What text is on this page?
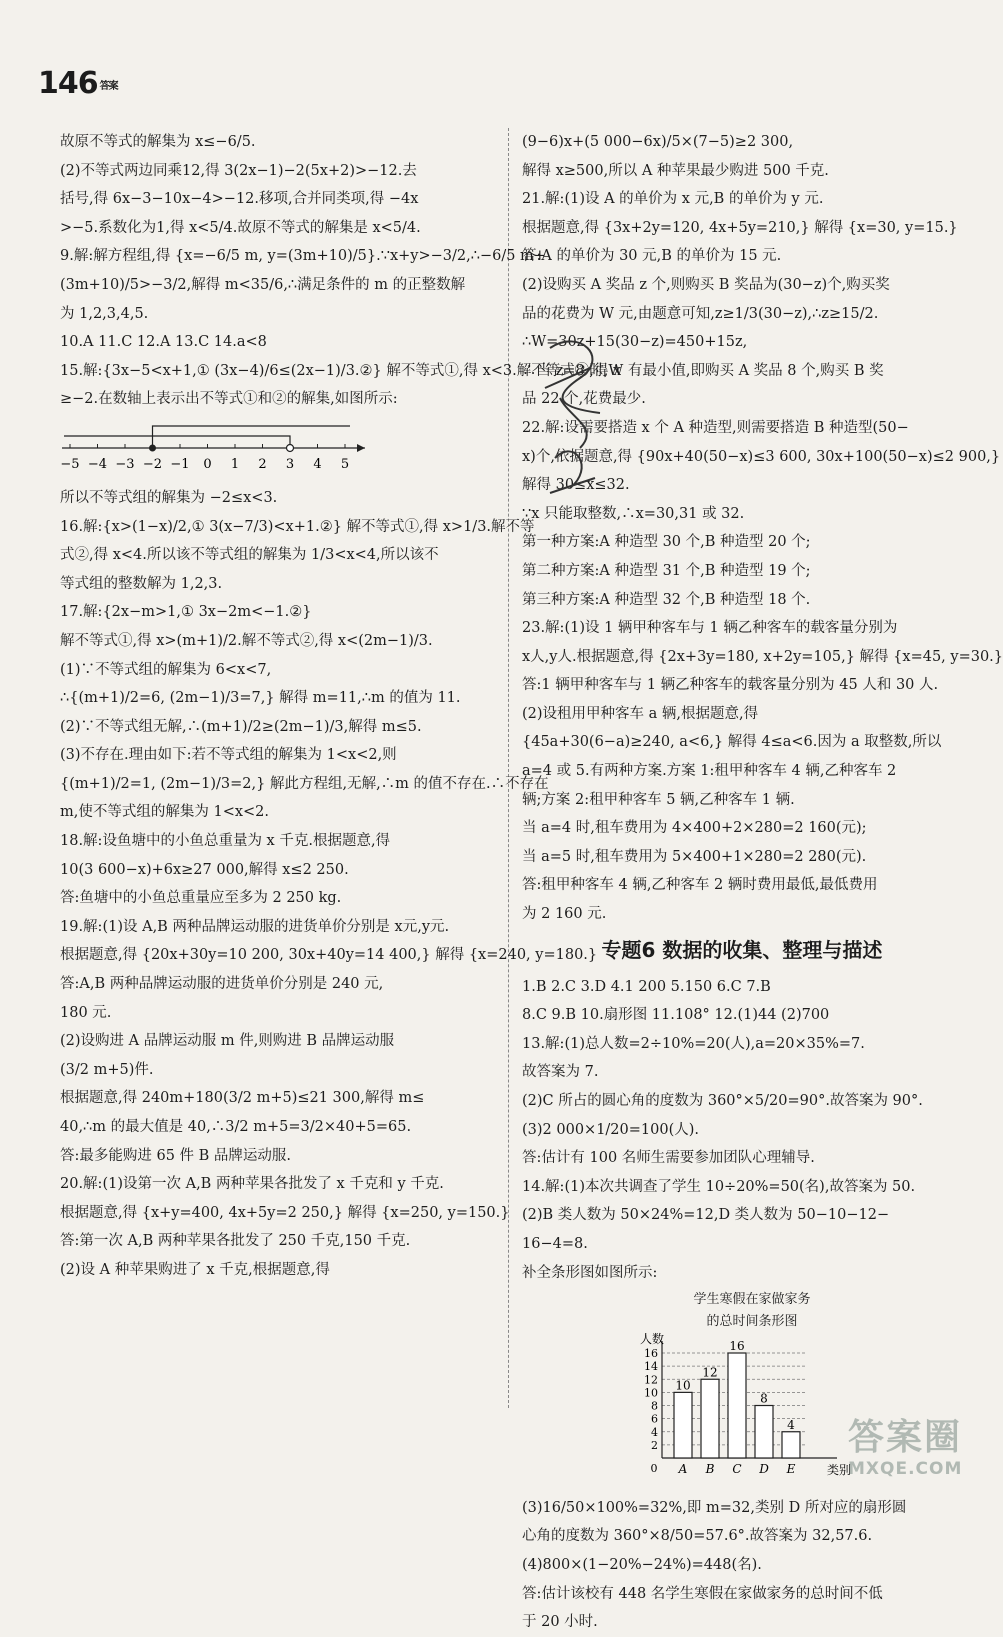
146 答案
故原不等式的解集为 x≤−6/5.
(2)不等式两边同乘12,得 3(2x−1)−2(5x+2)>−12.去
括号,得 6x−3−10x−4>−12.移项,合并同类项,得 −4x
>−5.系数化为1,得 x<5/4.故原不等式的解集是 x<5/4.
9.解:解方程组,得 {x=−6/5 m, y=(3m+10)/5}.∵x+y>−3/2,∴−6/5 m+
(3m+10)/5>−3/2,解得 m<35/6,∴满足条件的 m 的正整数解
为 1,2,3,4,5.
10.A 11.C 12.A 13.C 14.a<8
15.解:{3x−5<x+1,① (3x−4)/6≤(2x−1)/3.②} 解不等式①,得 x<3.解不等式②,得 x
≥−2.在数轴上表示出不等式①和②的解集,如图所示:
−5 −4 −3 −2 −1 0 1 2 3 4 5
所以不等式组的解集为 −2≤x<3.
16.解:{x>(1−x)/2,① 3(x−7/3)<x+1.②} 解不等式①,得 x>1/3.解不等
式②,得 x<4.所以该不等式组的解集为 1/3<x<4,所以该不
等式组的整数解为 1,2,3.
17.解:{2x−m>1,① 3x−2m<−1.②}
解不等式①,得 x>(m+1)/2.解不等式②,得 x<(2m−1)/3.
(1)∵不等式组的解集为 6<x<7,
∴{(m+1)/2=6, (2m−1)/3=7,} 解得 m=11,∴m 的值为 11.
(2)∵不等式组无解,∴(m+1)/2≥(2m−1)/3,解得 m≤5.
(3)不存在.理由如下:若不等式组的解集为 1<x<2,则
{(m+1)/2=1, (2m−1)/3=2,} 解此方程组,无解,∴m 的值不存在.∴不存在
m,使不等式组的解集为 1<x<2.
18.解:设鱼塘中的小鱼总重量为 x 千克.根据题意,得
10(3 600−x)+6x≥27 000,解得 x≤2 250.
答:鱼塘中的小鱼总重量应至多为 2 250 kg.
19.解:(1)设 A,B 两种品牌运动服的进货单价分别是 x元,y元.
根据题意,得 {20x+30y=10 200, 30x+40y=14 400,} 解得 {x=240, y=180.}
答:A,B 两种品牌运动服的进货单价分别是 240 元,
180 元.
(2)设购进 A 品牌运动服 m 件,则购进 B 品牌运动服
(3/2 m+5)件.
根据题意,得 240m+180(3/2 m+5)≤21 300,解得 m≤
40,∴m 的最大值是 40,∴3/2 m+5=3/2×40+5=65.
答:最多能购进 65 件 B 品牌运动服.
20.解:(1)设第一次 A,B 两种苹果各批发了 x 千克和 y 千克.
根据题意,得 {x+y=400, 4x+5y=2 250,} 解得 {x=250, y=150.}
答:第一次 A,B 两种苹果各批发了 250 千克,150 千克.
(2)设 A 种苹果购进了 x 千克,根据题意,得
(9−6)x+(5 000−6x)/5×(7−5)≥2 300,
解得 x≥500,所以 A 种苹果最少购进 500 千克.
21.解:(1)设 A 的单价为 x 元,B 的单价为 y 元.
根据题意,得 {3x+2y=120, 4x+5y=210,} 解得 {x=30, y=15.}
答:A 的单价为 30 元,B 的单价为 15 元.
(2)设购买 A 奖品 z 个,则购买 B 奖品为(30−z)个,购买奖
品的花费为 W 元,由题意可知,z≥1/3(30−z),∴z≥15/2.
∴W=30z+15(30−z)=450+15z,
∴当 z=8 时,W 有最小值,即购买 A 奖品 8 个,购买 B 奖
品 22 个,花费最少.
22.解:设需要搭造 x 个 A 种造型,则需要搭造 B 种造型(50−
x)个,依据题意,得 {90x+40(50−x)≤3 600, 30x+100(50−x)≤2 900,}
解得 30≤x≤32.
∵x 只能取整数,∴x=30,31 或 32.
第一种方案:A 种造型 30 个,B 种造型 20 个;
第二种方案:A 种造型 31 个,B 种造型 19 个;
第三种方案:A 种造型 32 个,B 种造型 18 个.
23.解:(1)设 1 辆甲种客车与 1 辆乙种客车的载客量分别为
x人,y人.根据题意,得 {2x+3y=180, x+2y=105,} 解得 {x=45, y=30.}
答:1 辆甲种客车与 1 辆乙种客车的载客量分别为 45 人和 30 人.
(2)设租用甲种客车 a 辆,根据题意,得
{45a+30(6−a)≥240, a<6,} 解得 4≤a<6.因为 a 取整数,所以
a=4 或 5.有两种方案.方案 1:租甲种客车 4 辆,乙种客车 2
辆;方案 2:租甲种客车 5 辆,乙种客车 1 辆.
当 a=4 时,租车费用为 4×400+2×280=2 160(元);
当 a=5 时,租车费用为 5×400+1×280=2 280(元).
答:租甲种客车 4 辆,乙种客车 2 辆时费用最低,最低费用
为 2 160 元.
专题6 数据的收集、整理与描述
1.B 2.C 3.D 4.1 200 5.150 6.C 7.B
8.C 9.B 10.扇形图 11.108° 12.(1)44 (2)700
13.解:(1)总人数=2÷10%=20(人),a=20×35%=7.
故答案为 7.
(2)C 所占的圆心角的度数为 360°×5/20=90°.故答案为 90°.
(3)2 000×1/20=100(人).
答:估计有 100 名师生需要参加团队心理辅导.
14.解:(1)本次共调查了学生 10÷20%=50(名),故答案为 50.
(2)B 类人数为 50×24%=12,D 类人数为 50−10−12−
16−4=8.
补全条形图如图所示:
学生寒假在家做家务
的总时间条形图
2
4
6
8
10
12
14
16
0
人数
类别
10
A
12
B
16
C
8
D
4
E
(3)16/50×100%=32%,即 m=32,类别 D 所对应的扇形圆
心角的度数为 360°×8/50=57.6°.故答案为 32,57.6.
(4)800×(1−20%−24%)=448(名).
答:估计该校有 448 名学生寒假在家做家务的总时间不低
于 20 小时.
答案圈
MXQE.COM
